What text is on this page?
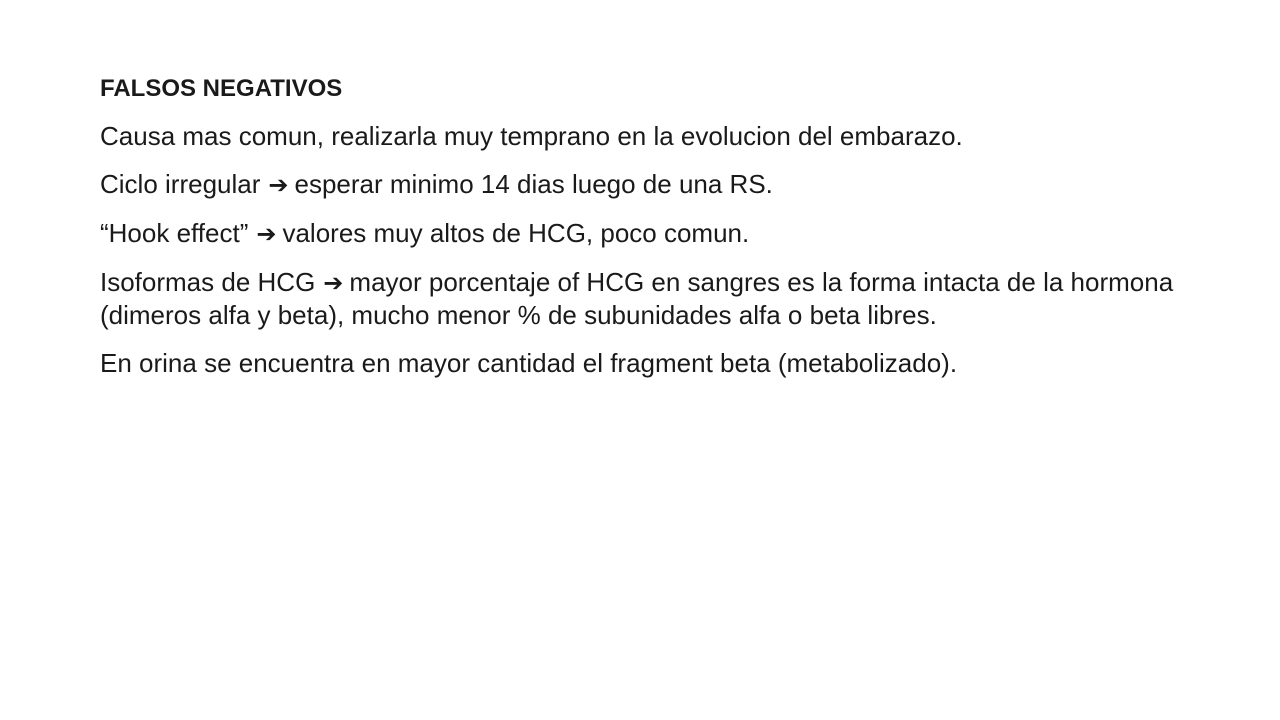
FALSOS NEGATIVOS
Causa mas comun, realizarla muy temprano en la evolucion del embarazo.
Ciclo irregular ➔ esperar minimo 14 dias luego de una RS.
“Hook effect” ➔ valores muy altos de HCG, poco comun.
Isoformas de HCG ➔ mayor porcentaje of HCG en sangres es la forma intacta de la hormona (dimeros alfa y beta), mucho menor % de subunidades alfa o beta libres.
En orina se encuentra en mayor cantidad el fragment beta (metabolizado).
